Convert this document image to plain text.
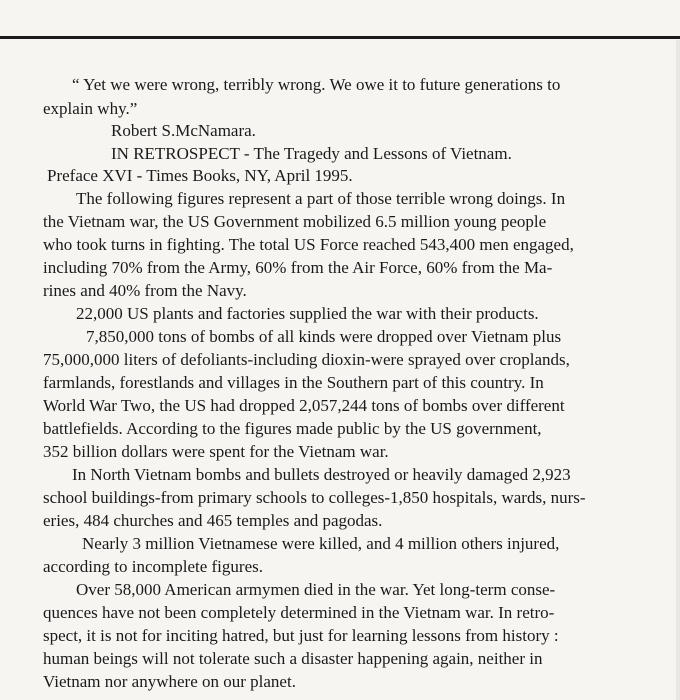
“ Yet we were wrong, terribly wrong. We owe it to future generations to
explain why.”
Robert S.McNamara.
IN RETROSPECT - The Tragedy and Lessons of Vietnam.
Preface XVI - Times Books, NY, April 1995.
The following figures represent a part of those terrible wrong doings. In
the Vietnam war, the US Government mobilized 6.5 million young people
who took turns in fighting. The total US Force reached 543,400 men engaged,
including 70% from the Army, 60% from the Air Force, 60% from the Ma-
rines and 40% from the Navy.
22,000 US plants and factories supplied the war with their products.
7,850,000 tons of bombs of all kinds were dropped over Vietnam plus
75,000,000 liters of defoliants-including dioxin-were sprayed over croplands,
farmlands, forestlands and villages in the Southern part of this country. In
World War Two, the US had dropped 2,057,244 tons of bombs over different
battlefields. According to the figures made public by the US government,
352 billion dollars were spent for the Vietnam war.
In North Vietnam bombs and bullets destroyed or heavily damaged 2,923
school buildings-from primary schools to colleges-1,850 hospitals, wards, nurs-
eries, 484 churches and 465 temples and pagodas.
Nearly 3 million Vietnamese were killed, and 4 million others injured,
according to incomplete figures.
Over 58,000 American armymen died in the war. Yet long-term conse-
quences have not been completely determined in the Vietnam war. In retro-
spect, it is not for inciting hatred, but just for learning lessons from history :
human beings will not tolerate such a disaster happening again, neither in
Vietnam nor anywhere on our planet.
